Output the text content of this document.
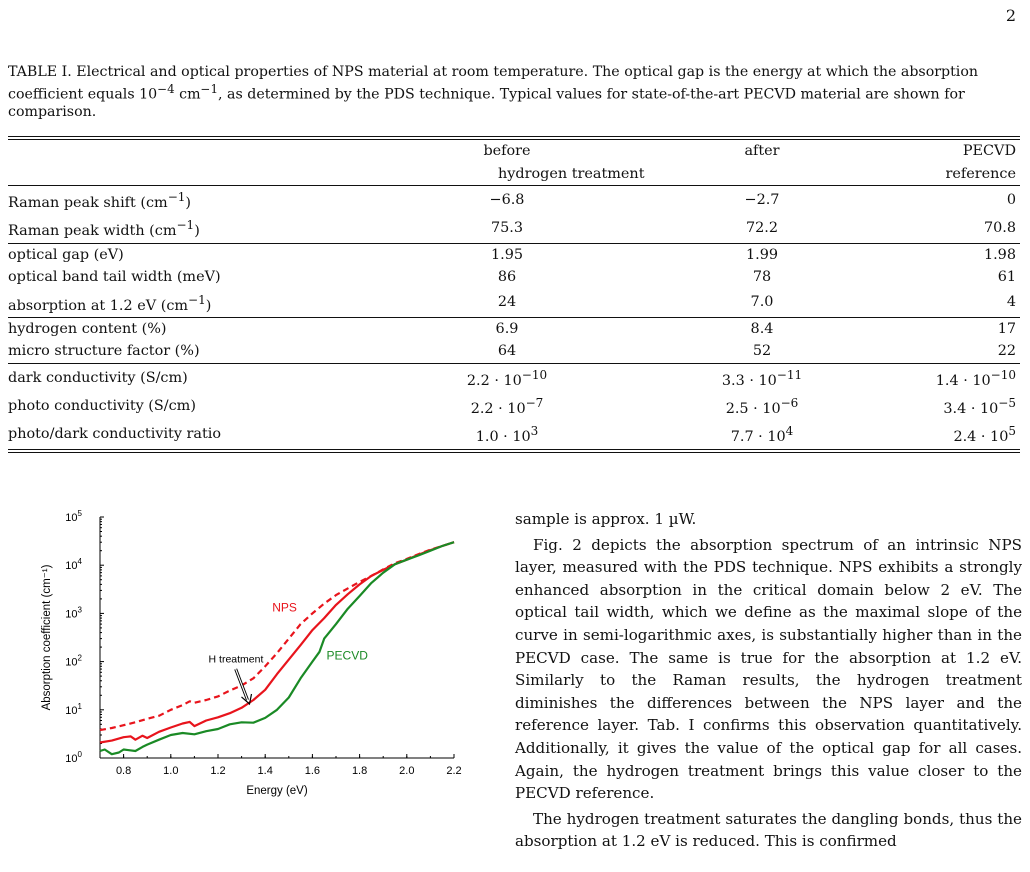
2
TABLE I. Electrical and optical properties of NPS material at room temperature. The optical gap is the energy at which the absorption coefficient equals $10^{-4}$ $cm^{-1}$, as determined by the PDS technique. Typical values for state-of-the-art PECVD material are shown for comparison.
	before	after	PECVD
	hydrogen treatment		reference
Raman peak shift $(cm^{-1})$	−6.8	−2.7	0
Raman peak width $(cm^{-1})$	75.3	72.2	70.8
optical gap (eV)	1.95	1.99	1.98
optical band tail width (meV)	86	78	61
absorption at 1.2 eV $(cm^{-1})$	24	7.0	4
hydrogen content (%)	6.9	8.4	17
micro structure factor (%)	64	52	22
dark conductivity (S/cm)	$2.2 \cdot 10^{-10}$	$3.3 \cdot 10^{-11}$	$1.4 \cdot 10^{-10}$
photo conductivity (S/cm)	$2.2 \cdot 10^{-7}$	$2.5 \cdot 10^{-6}$	$3.4 \cdot 10^{-5}$
photo/dark conductivity ratio	$1.0 \cdot 10^3$	$7.7 \cdot 10^4$	$2.4 \cdot 10^5$
0.8	1.0	1.2	1.4	1.6	1.8	2.0	2.2
$10^0$
$10^1$
$10^2$
$10^3$
$10^4$
$10^5$
Energy (eV)
Absorption coefficient (cm⁻¹)	NPS
PECVD
H treatment

sample is approx. 1 µW.

Fig. 2 depicts the absorption spectrum of an intrinsic NPS layer, measured with the PDS technique. NPS exhibits a strongly enhanced absorption in the critical domain below 2 eV. The optical tail width, which we define as the maximal slope of the curve in semi-logarithmic axes, is substantially higher than in the PECVD case. The same is true for the absorption at 1.2 eV. Similarly to the Raman results, the hydrogen treatment diminishes the differences between the NPS layer and the reference layer. Tab. I confirms this observation quantitatively. Additionally, it gives the value of the optical gap for all cases. Again, the hydrogen treatment brings this value closer to the PECVD reference.

The hydrogen treatment saturates the dangling bonds, thus the absorption at 1.2 eV is reduced. This is confirmed
